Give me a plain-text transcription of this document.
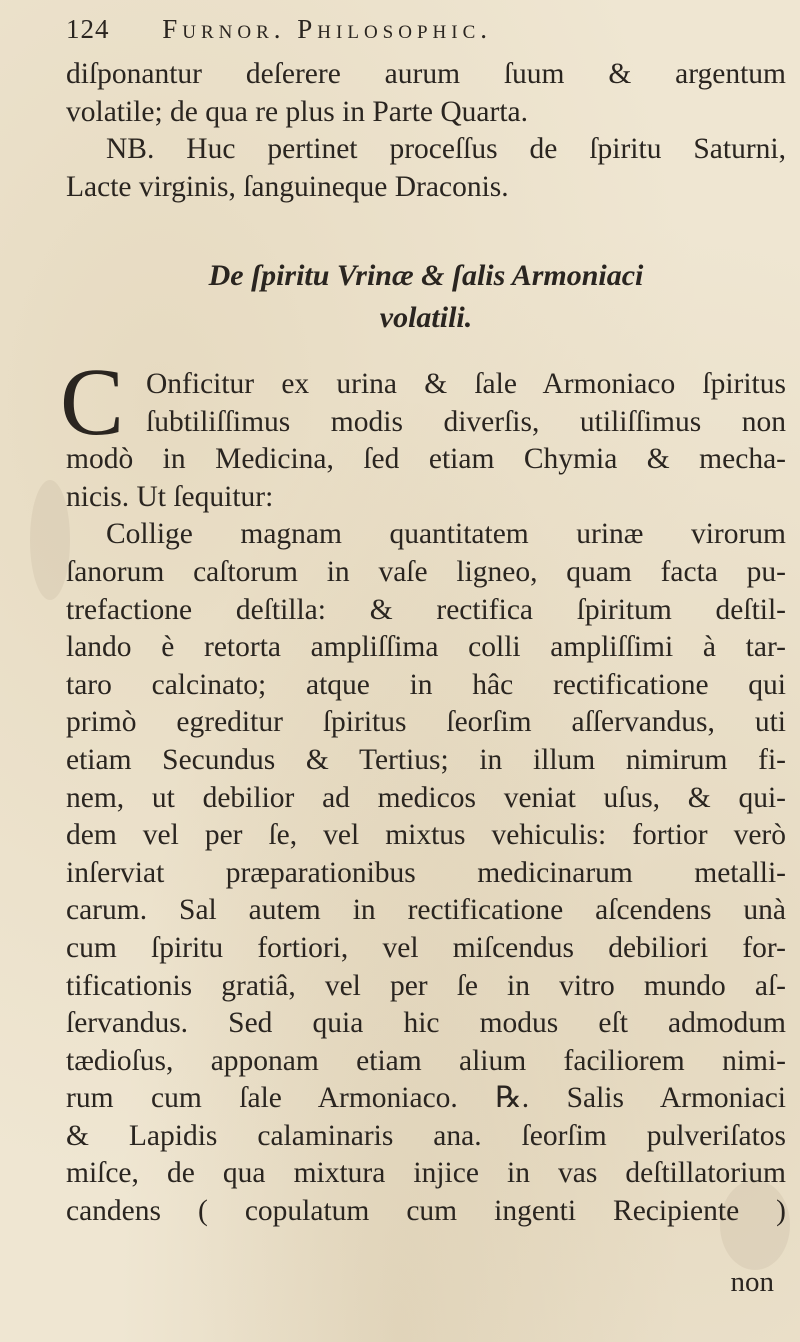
124 Furnor. Philosophic.
diſponantur deſerere aurum ſuum & argentum
volatile; de qua re plus in Parte Quarta.
NB. Huc pertinet proceſſus de ſpiritu Saturni,
Lacte virginis, ſanguineque Draconis.
De ſpiritu Vrinæ & ſalis Armoniaci
volatili.
C Onficitur ex urina & ſale Armoniaco ſpiritus
ſubtiliſſimus modis diverſis, utiliſſimus non
modò in Medicina, ſed etiam Chymia & mecha-
nicis. Ut ſequitur:
Collige magnam quantitatem urinæ virorum
ſanorum caſtorum in vaſe ligneo, quam facta pu-
trefactione deſtilla: & rectifica ſpiritum deſtil-
lando è retorta ampliſſima colli ampliſſimi à tar-
taro calcinato; atque in hâc rectificatione qui
primò egreditur ſpiritus ſeorſim aſſervandus, uti
etiam Secundus & Tertius; in illum nimirum fi-
nem, ut debilior ad medicos veniat uſus, & qui-
dem vel per ſe, vel mixtus vehiculis: fortior verò
inſerviat præparationibus medicinarum metalli-
carum. Sal autem in rectificatione aſcendens unà
cum ſpiritu fortiori, vel miſcendus debiliori for-
tificationis gratiâ, vel per ſe in vitro mundo aſ-
ſervandus. Sed quia hic modus eſt admodum
tædioſus, apponam etiam alium faciliorem nimi-
rum cum ſale Armoniaco. ℞. Salis Armoniaci
& Lapidis calaminaris ana. ſeorſim pulveriſatos
miſce, de qua mixtura injice in vas deſtillatorium
candens ( copulatum cum ingenti Recipiente )
non
